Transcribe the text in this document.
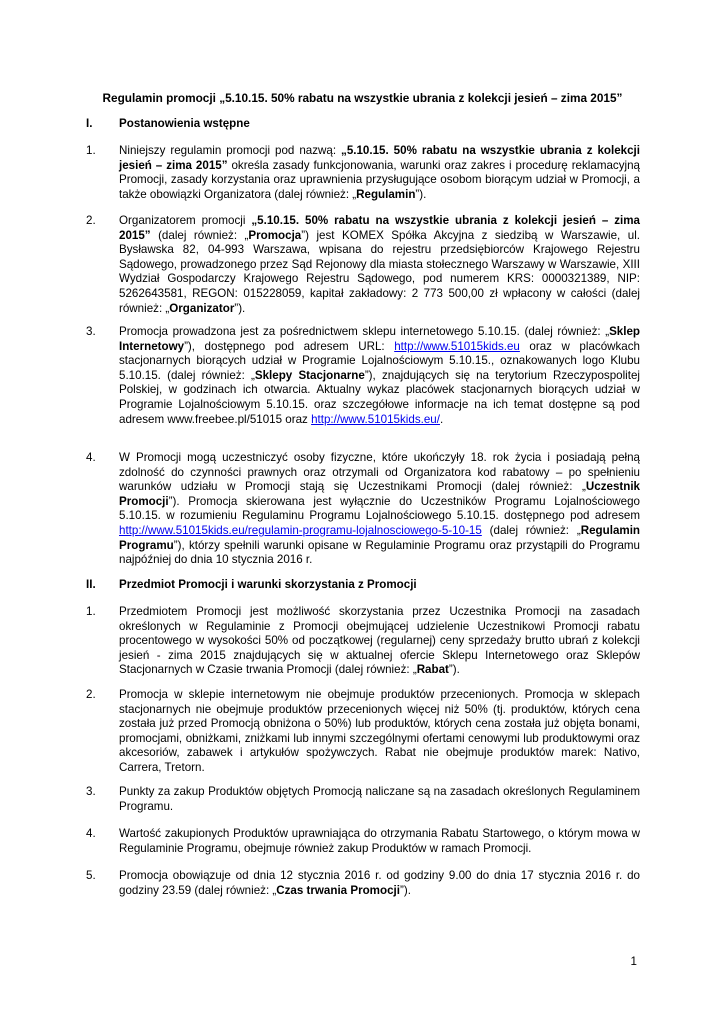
Regulamin promocji „5.10.15. 50% rabatu na wszystkie ubrania z kolekcji jesień – zima 2015”
I. Postanowienia wstępne
1. Niniejszy regulamin promocji pod nazwą: „5.10.15. 50% rabatu na wszystkie ubrania z kolekcji jesień – zima 2015” określa zasady funkcjonowania, warunki oraz zakres i procedurę reklamacyjną Promocji, zasady korzystania oraz uprawnienia przysługujące osobom biorącym udział w Promocji, a także obowiązki Organizatora (dalej również: „Regulamin”).

2. Organizatorem promocji „5.10.15. 50% rabatu na wszystkie ubrania z kolekcji jesień – zima 2015” (dalej również: „Promocja”) jest KOMEX Spółka Akcyjna z siedzibą w Warszawie, ul. Bysławska 82, 04-993 Warszawa, wpisana do rejestru przedsiębiorców Krajowego Rejestru Sądowego, prowadzonego przez Sąd Rejonowy dla miasta stołecznego Warszawy w Warszawie, XIII Wydział Gospodarczy Krajowego Rejestru Sądowego, pod numerem KRS: 0000321389, NIP: 5262643581, REGON: 015228059, kapitał zakładowy: 2 773 500,00 zł wpłacony w całości (dalej również: „Organizator”).

3. Promocja prowadzona jest za pośrednictwem sklepu internetowego 5.10.15. (dalej również: „Sklep Internetowy”), dostępnego pod adresem URL: http://www.51015kids.eu oraz w placówkach stacjonarnych biorących udział w Programie Lojalnościowym 5.10.15., oznakowanych logo Klubu 5.10.15. (dalej również: „Sklepy Stacjonarne”), znajdujących się na terytorium Rzeczypospolitej Polskiej, w godzinach ich otwarcia. Aktualny wykaz placówek stacjonarnych biorących udział w Programie Lojalnościowym 5.10.15. oraz szczegółowe informacje na ich temat dostępne są pod adresem www.freebee.pl/51015 oraz http://www.51015kids.eu/.

4. W Promocji mogą uczestniczyć osoby fizyczne, które ukończyły 18. rok życia i posiadają pełną zdolność do czynności prawnych oraz otrzymali od Organizatora kod rabatowy – po spełnieniu warunków udziału w Promocji stają się Uczestnikami Promocji (dalej również: „Uczestnik Promocji”). Promocja skierowana jest wyłącznie do Uczestników Programu Lojalnościowego 5.10.15. w rozumieniu Regulaminu Programu Lojalnościowego 5.10.15. dostępnego pod adresem http://www.51015kids.eu/regulamin-programu-lojalnosciowego-5-10-15 (dalej również: „Regulamin Programu”), którzy spełnili warunki opisane w Regulaminie Programu oraz przystąpili do Programu najpóźniej do dnia 10 stycznia 2016 r.

II. Przedmiot Promocji i warunki skorzystania z Promocji
1. Przedmiotem Promocji jest możliwość skorzystania przez Uczestnika Promocji na zasadach określonych w Regulaminie z Promocji obejmującej udzielenie Uczestnikowi Promocji rabatu procentowego w wysokości 50% od początkowej (regularnej) ceny sprzedaży brutto ubrań z kolekcji jesień - zima 2015 znajdujących się w aktualnej ofercie Sklepu Internetowego oraz Sklepów Stacjonarnych w Czasie trwania Promocji (dalej również: „Rabat”).

2. Promocja w sklepie internetowym nie obejmuje produktów przecenionych. Promocja w sklepach stacjonarnych nie obejmuje produktów przecenionych więcej niż 50% (tj. produktów, których cena została już przed Promocją obniżona o 50%) lub produktów, których cena została już objęta bonami, promocjami, obniżkami, zniżkami lub innymi szczególnymi ofertami cenowymi lub produktowymi oraz akcesoriów, zabawek i artykułów spożywczych. Rabat nie obejmuje produktów marek: Nativo, Carrera, Tretorn.

3. Punkty za zakup Produktów objętych Promocją naliczane są na zasadach określonych Regulaminem Programu.

4. Wartość zakupionych Produktów uprawniająca do otrzymania Rabatu Startowego, o którym mowa w Regulaminie Programu, obejmuje również zakup Produktów w ramach Promocji.

5. Promocja obowiązuje od dnia 12 stycznia 2016 r. od godziny 9.00 do dnia 17 stycznia 2016 r. do godziny 23.59 (dalej również: „Czas trwania Promocji”).

1
